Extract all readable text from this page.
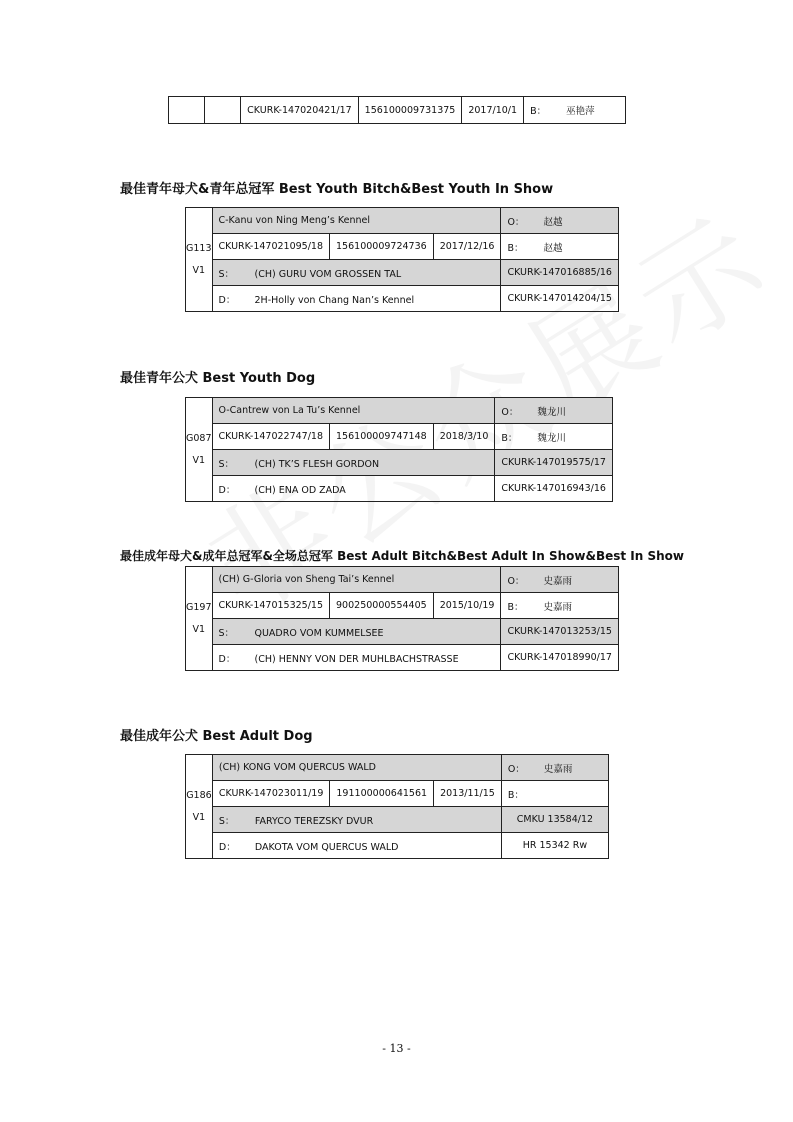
		CKURK-147020421/17	156100009731375	2017/10/1	B： 巫艳萍
最佳青年母犬&青年总冠军 Best Youth Bitch&Best Youth In Show
G113
V1	C-Kanu von Ning Meng’s Kennel			O： 赵越
	CKURK-147021095/18	156100009724736	2017/12/16	B： 赵越
	S： (CH) GURU VOM GROSSEN TAL			CKURK-147016885/16
	D： 2H-Holly von Chang Nan’s Kennel			CKURK-147014204/15
最佳青年公犬 Best Youth Dog
G087
V1	O-Cantrew von La Tu’s Kennel			O： 魏龙川
	CKURK-147022747/18	156100009747148	2018/3/10	B： 魏龙川
	S： (CH) TK’S FLESH GORDON			CKURK-147019575/17
	D： (CH) ENA OD ZADA			CKURK-147016943/16
最佳成年母犬&成年总冠军&全场总冠军 Best Adult Bitch&Best Adult In Show&Best In Show
G197
V1	(CH) G-Gloria von Sheng Tai’s Kennel			O： 史嘉雨
	CKURK-147015325/15	900250000554405	2015/10/19	B： 史嘉雨
	S： QUADRO VOM KUMMELSEE			CKURK-147013253/15
	D： (CH) HENNY VON DER MUHLBACHSTRASSE			CKURK-147018990/17
最佳成年公犬 Best Adult Dog
G186
V1	(CH) KONG VOM QUERCUS WALD			O： 史嘉雨
	CKURK-147023011/19	191100000641561	2013/11/15	B：
	S： FARYCO TEREZSKY DVUR			CMKU 13584/12
	D： DAKOTA VOM QUERCUS WALD			HR 15342 Rw
- 13 -
